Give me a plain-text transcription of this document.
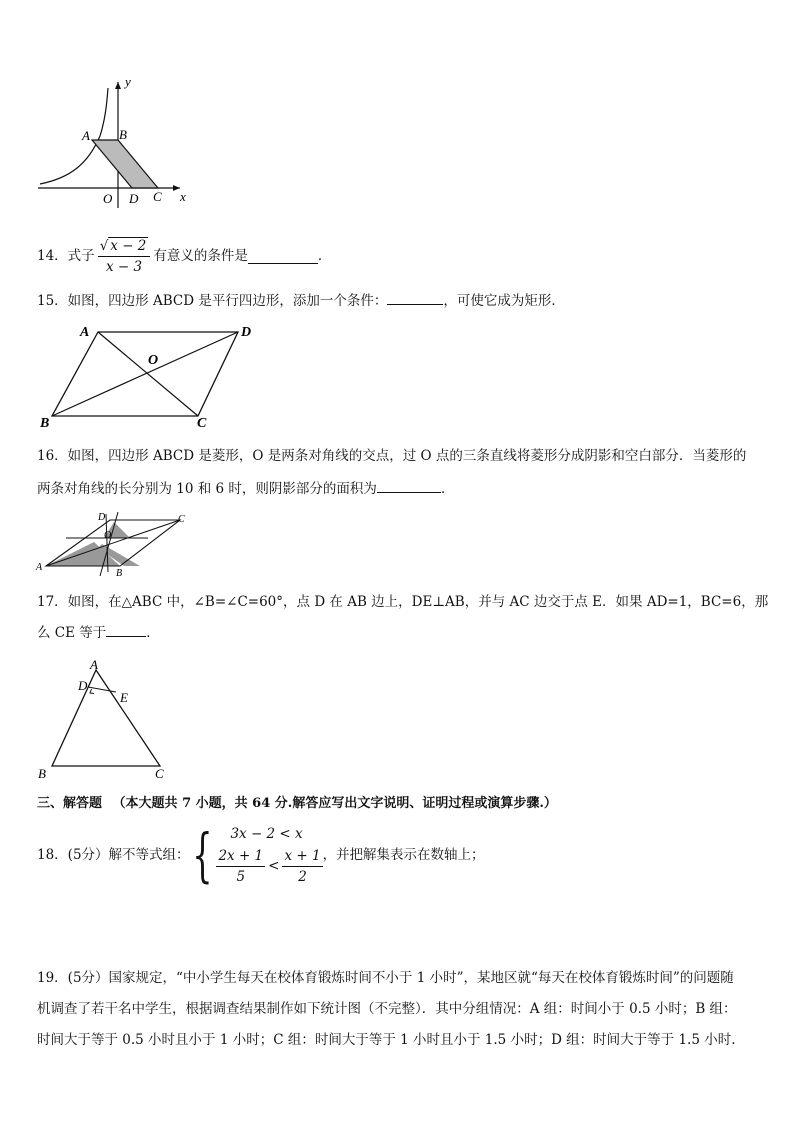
A B
y
O D C x
14．式子 $\frac{√ x - 2}{x - 3}$ 有意义的条件是	．
15．如图，四边形 ABCD 是平行四边形，添加一个条件：	，可使它成为矩形．
A	D
O
B	C
16．如图，四边形 ABCD 是菱形，O 是两条对角线的交点，过 O 点的三条直线将菱形分成阴影和空白部分．当菱形的
两条对角线的长分别为 10 和 6 时，则阴影部分的面积为	．
D	C
O
A
B
17．如图，在△ABC 中，∠B=∠C=60°，点 D 在 AB 边上，DE⊥AB，并与 AC 边交于点 E．如果 AD=1，BC=6，那
么 CE 等于	．
A
D
E
B	C
三、解答题 （本大题共 7 小题，共 64 分.解答应写出文字说明、证明过程或演算步骤.）
18．(5分）解不等式组： { 3x − 2 < x
$\frac{2x + 1}{5} < \frac{x + 1}{2}$ ，并把解集表示在数轴上；
19．(5分）国家规定，“中小学生每天在校体育锻炼时间不小于 1 小时”，某地区就“每天在校体育锻炼时间”的问题随
机调查了若干名中学生，根据调查结果制作如下统计图（不完整）．其中分组情况：A 组：时间小于 0.5 小时；B 组：
时间大于等于 0.5 小时且小于 1 小时；C 组：时间大于等于 1 小时且小于 1.5 小时；D 组：时间大于等于 1.5 小时.
